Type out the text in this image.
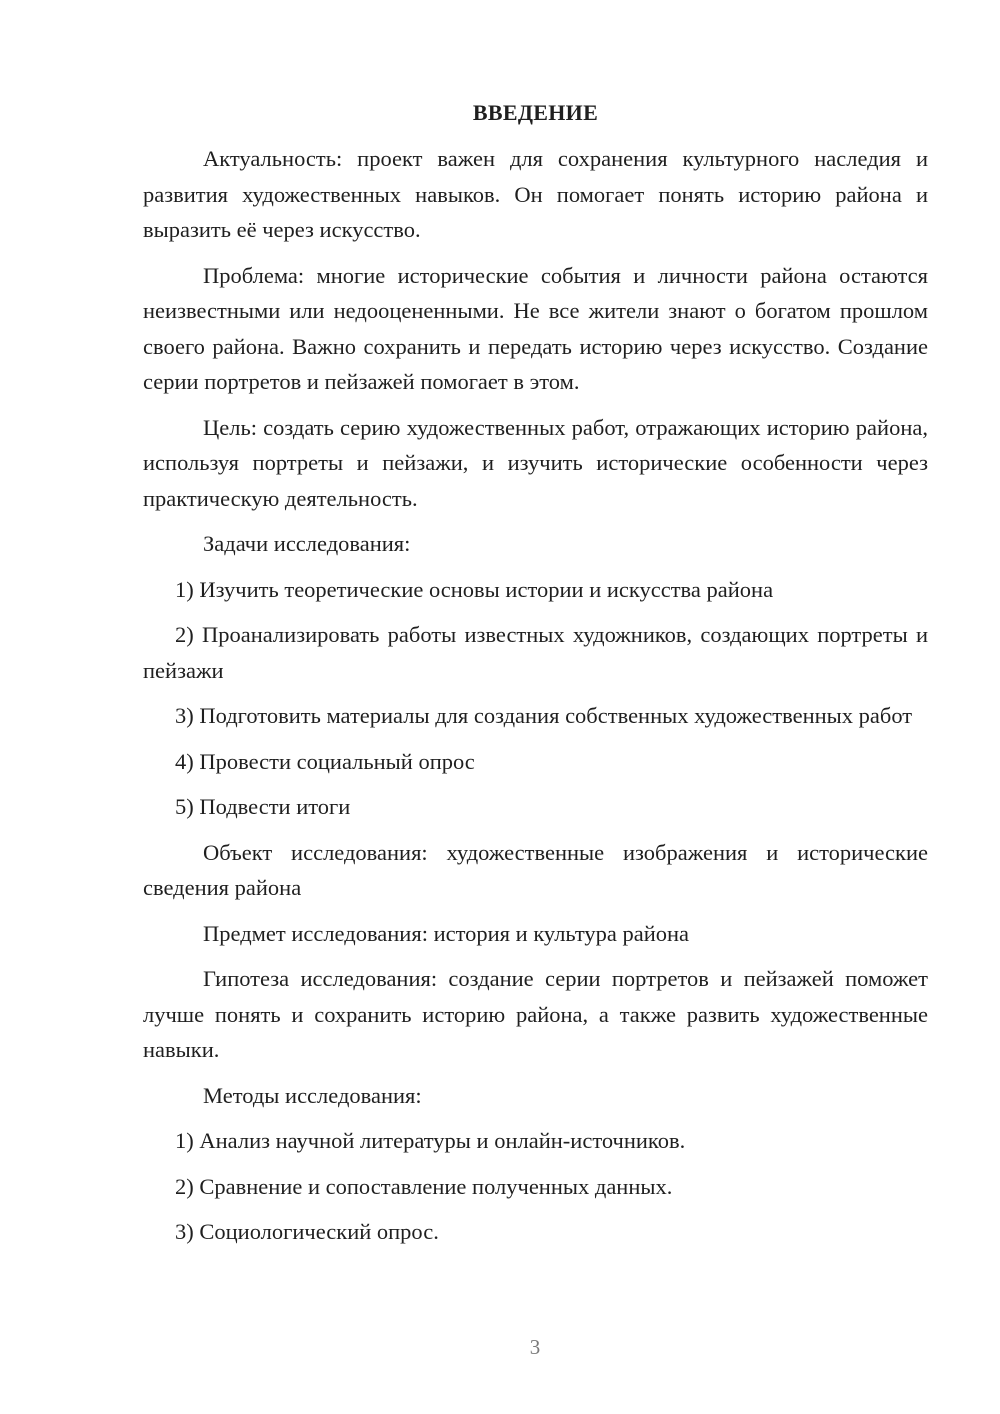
ВВЕДЕНИЕ

Актуальность: проект важен для сохранения культурного наследия и развития художественных навыков. Он помогает понять историю района и выразить её через искусство.

Проблема: многие исторические события и личности района остаются неизвестными или недооцененными. Не все жители знают о богатом прошлом своего района. Важно сохранить и передать историю через искусство. Создание серии портретов и пейзажей помогает в этом.

Цель: создать серию художественных работ, отражающих историю района, используя портреты и пейзажи, и изучить исторические особенности через практическую деятельность.

Задачи исследования:

1) Изучить теоретические основы истории и искусства района

2) Проанализировать работы известных художников, создающих портреты и пейзажи

3) Подготовить материалы для создания собственных художественных работ

4) Провести социальный опрос

5) Подвести итоги

Объект исследования: художественные изображения и исторические сведения района

Предмет исследования: история и культура района

Гипотеза исследования: создание серии портретов и пейзажей поможет лучше понять и сохранить историю района, а также развить художественные навыки.

Методы исследования:

1) Анализ научной литературы и онлайн-источников.

2) Сравнение и сопоставление полученных данных.

3) Социологический опрос.

3
